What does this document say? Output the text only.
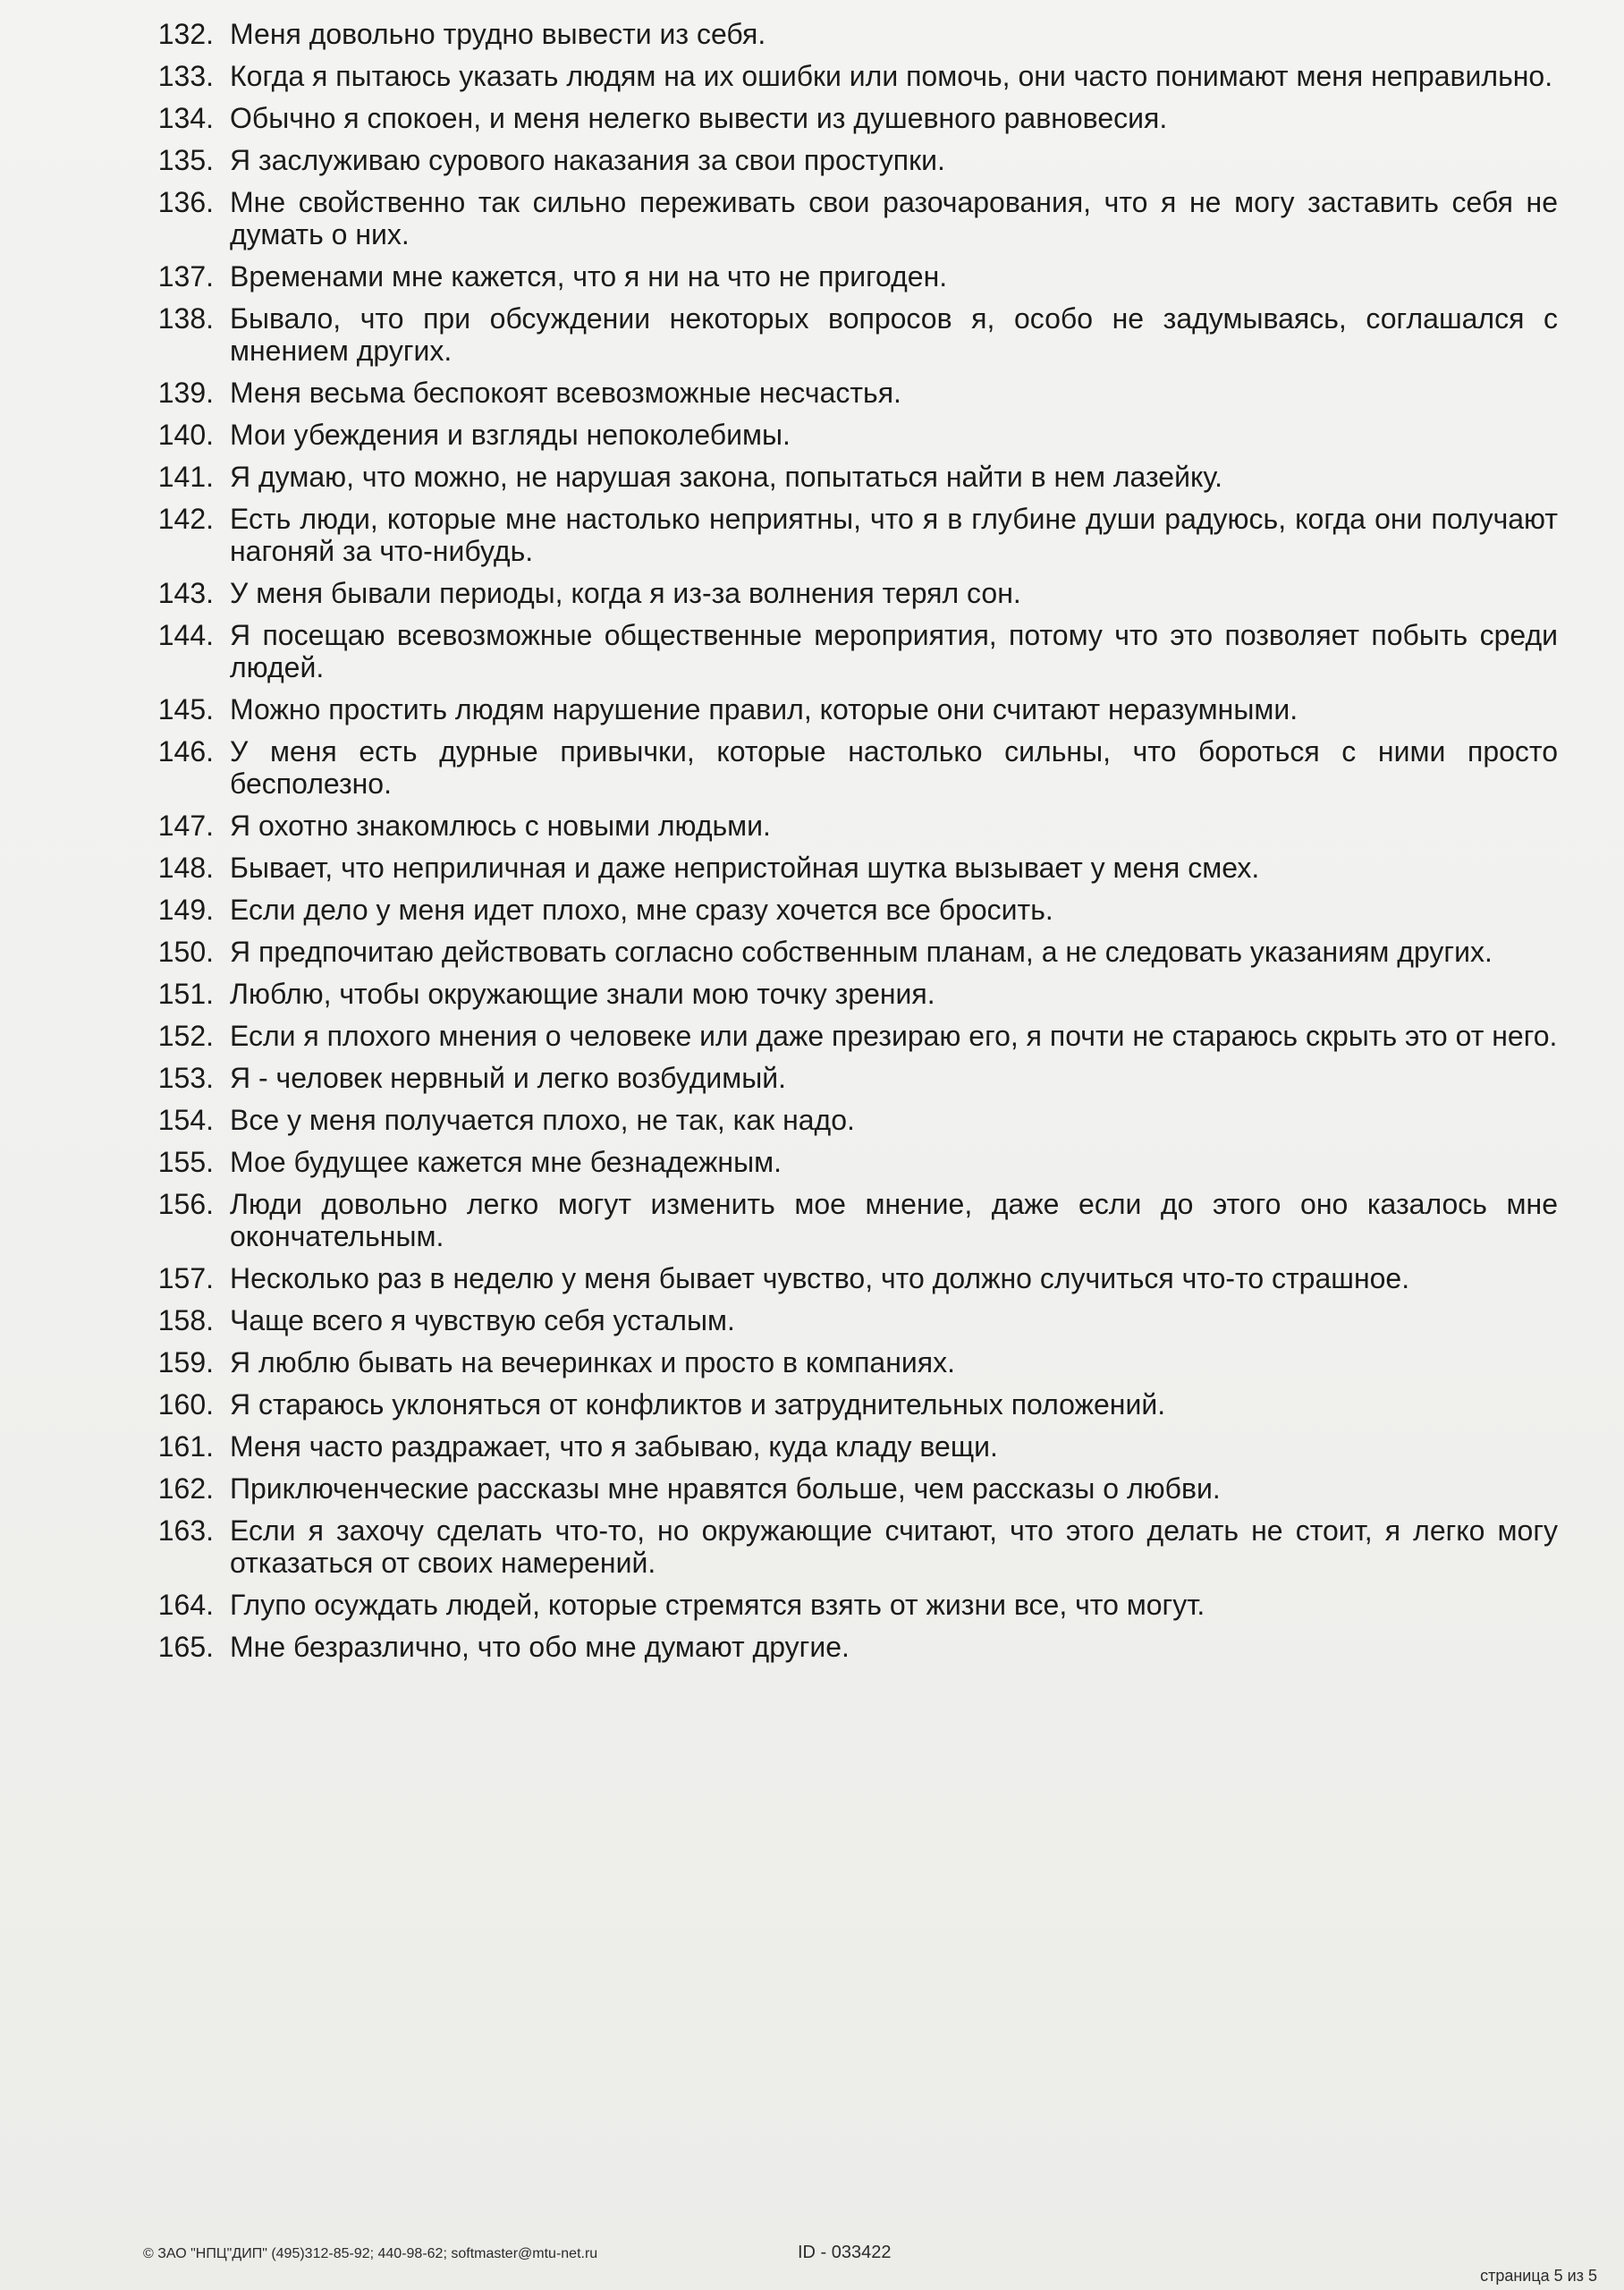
132. Меня довольно трудно вывести из себя.
133. Когда я пытаюсь указать людям на их ошибки или помочь, они часто понимают меня неправильно.
134. Обычно я спокоен, и меня нелегко вывести из душевного равновесия.
135. Я заслуживаю сурового наказания за свои проступки.
136. Мне свойственно так сильно переживать свои разочарования, что я не могу заставить себя не думать о них.
137. Временами мне кажется, что я ни на что не пригоден.
138. Бывало, что при обсуждении некоторых вопросов я, особо не задумываясь, соглашался с мнением других.
139. Меня весьма беспокоят всевозможные несчастья.
140. Мои убеждения и взгляды непоколебимы.
141. Я думаю, что можно, не нарушая закона, попытаться найти в нем лазейку.
142. Есть люди, которые мне настолько неприятны, что я в глубине души радуюсь, когда они получают нагоняй за что-нибудь.
143. У меня бывали периоды, когда я из-за волнения терял сон.
144. Я посещаю всевозможные общественные мероприятия, потому что это позволяет побыть среди людей.
145. Можно простить людям нарушение правил, которые они считают неразумными.
146. У меня есть дурные привычки, которые настолько сильны, что бороться с ними просто бесполезно.
147. Я охотно знакомлюсь с новыми людьми.
148. Бывает, что неприличная и даже непристойная шутка вызывает у меня смех.
149. Если дело у меня идет плохо, мне сразу хочется все бросить.
150. Я предпочитаю действовать согласно собственным планам, а не следовать указаниям других.
151. Люблю, чтобы окружающие знали мою точку зрения.
152. Если я плохого мнения о человеке или даже презираю его, я почти не стараюсь скрыть это от него.
153. Я - человек нервный и легко возбудимый.
154. Все у меня получается плохо, не так, как надо.
155. Мое будущее кажется мне безнадежным.
156. Люди довольно легко могут изменить мое мнение, даже если до этого оно казалось мне окончательным.
157. Несколько раз в неделю у меня бывает чувство, что должно случиться что-то страшное.
158. Чаще всего я чувствую себя усталым.
159. Я люблю бывать на вечеринках и просто в компаниях.
160. Я стараюсь уклоняться от конфликтов и затруднительных положений.
161. Меня часто раздражает, что я забываю, куда кладу вещи.
162. Приключенческие рассказы мне нравятся больше, чем рассказы о любви.
163. Если я захочу сделать что-то, но окружающие считают, что этого делать не стоит, я легко могу отказаться от своих намерений.
164. Глупо осуждать людей, которые стремятся взять от жизни все, что могут.
165. Мне безразлично, что обо мне думают другие.
© ЗАО "НПЦ"ДИП" (495)312-85-92; 440-98-62; softmaster@mtu-net.ru	ID - 033422
страница 5 из 5
